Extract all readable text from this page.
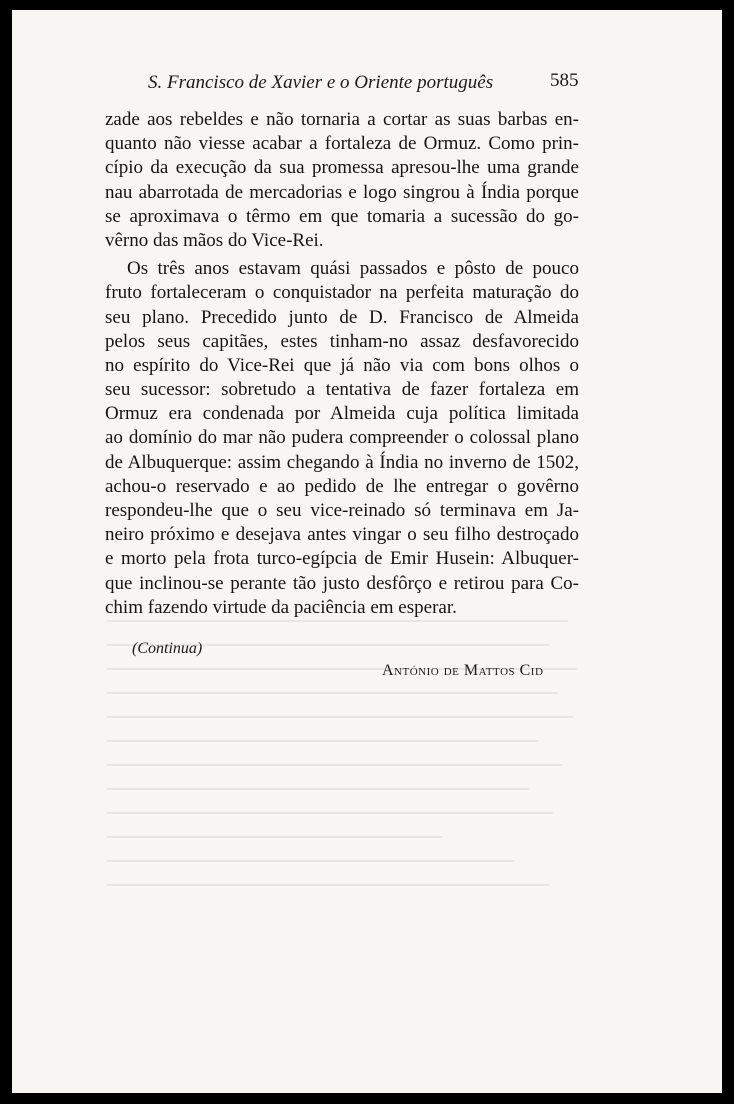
S. Francisco de Xavier e o Oriente português	585
zade aos rebeldes e não tornaria a cortar as suas barbas en-
quanto não viesse acabar a fortaleza de Ormuz. Como prin-
cípio da execução da sua promessa apresou-lhe uma grande
nau abarrotada de mercadorias e logo singrou à Índia porque
se aproximava o têrmo em que tomaria a sucessão do go-
vêrno das mãos do Vice-Rei.
Os três anos estavam quási passados e pôsto de pouco
fruto fortaleceram o conquistador na perfeita maturação do
seu plano. Precedido junto de D. Francisco de Almeida
pelos seus capitães, estes tinham-no assaz desfavorecido
no espírito do Vice-Rei que já não via com bons olhos o
seu sucessor: sobretudo a tentativa de fazer fortaleza em
Ormuz era condenada por Almeida cuja política limitada
ao domínio do mar não pudera compreender o colossal plano
de Albuquerque: assim chegando à Índia no inverno de 1502,
achou-o reservado e ao pedido de lhe entregar o govêrno
respondeu-lhe que o seu vice-reinado só terminava em Ja-
neiro próximo e desejava antes vingar o seu filho destroçado
e morto pela frota turco-egípcia de Emir Husein: Albuquer-
que inclinou-se perante tão justo desfôrço e retirou para Co-
chim fazendo virtude da paciência em esperar.
(Continua)
António de Mattos Cid
